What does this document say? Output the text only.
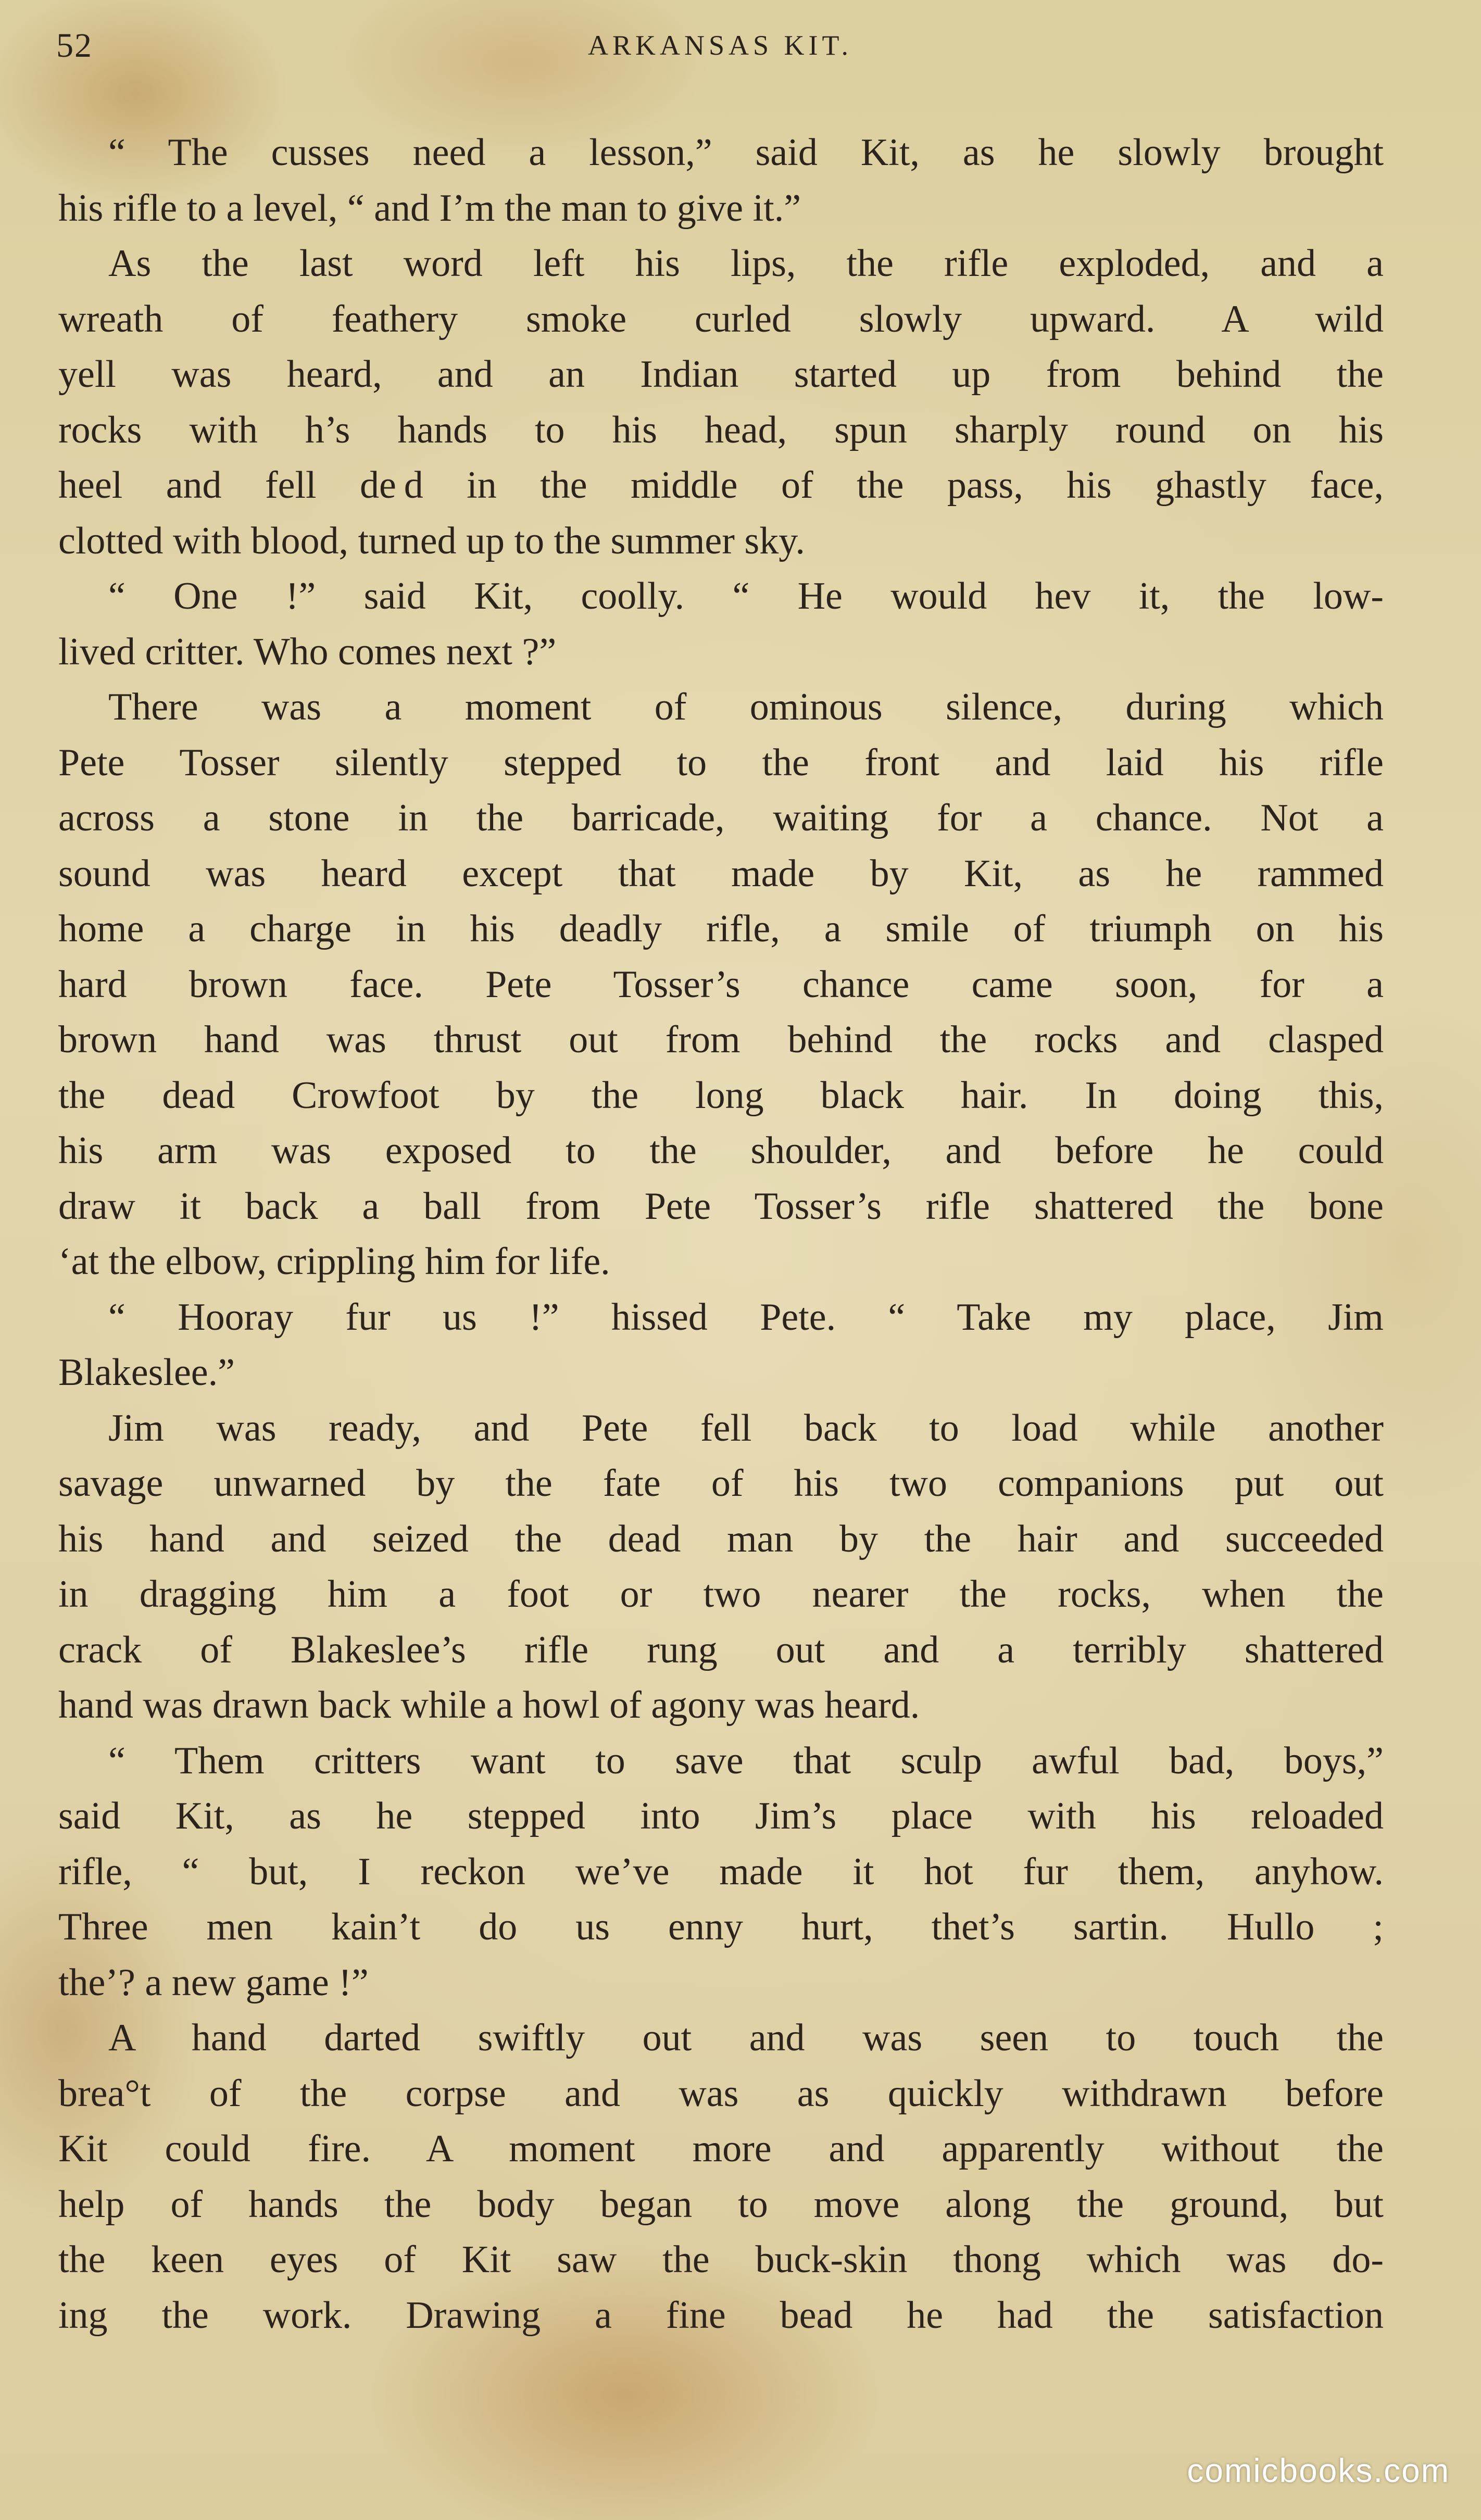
52	ARKANSAS KIT.
“ The cusses need a lesson,” said Kit, as he slowly brought
his rifle to a level, “ and I’m the man to give it.”
As the last word left his lips, the rifle exploded, and a
wreath of feathery smoke curled slowly upward. A wild
yell was heard, and an Indian started up from behind the
rocks with h’s hands to his head, spun sharply round on his
heel and fell de d in the middle of the pass, his ghastly face,
clotted with blood, turned up to the summer sky.
“ One !” said Kit, coolly. “ He would hev it, the low-
lived critter. Who comes next ?”
There was a moment of ominous silence, during which
Pete Tosser silently stepped to the front and laid his rifle
across a stone in the barricade, waiting for a chance. Not a
sound was heard except that made by Kit, as he rammed
home a charge in his deadly rifle, a smile of triumph on his
hard brown face. Pete Tosser’s chance came soon, for a
brown hand was thrust out from behind the rocks and clasped
the dead Crowfoot by the long black hair. In doing this,
his arm was exposed to the shoulder, and before he could
draw it back a ball from Pete Tosser’s rifle shattered the bone
ʻat the elbow, crippling him for life.
“ Hooray fur us !” hissed Pete. “ Take my place, Jim
Blakeslee.”
Jim was ready, and Pete fell back to load while another
savage unwarned by the fate of his two companions put out
his hand and seized the dead man by the hair and succeeded
in dragging him a foot or two nearer the rocks, when the
crack of Blakeslee’s rifle rung out and a terribly shattered
hand was drawn back while a howl of agony was heard.
“ Them critters want to save that sculp awful bad, boys,”
said Kit, as he stepped into Jim’s place with his reloaded
rifle, “ but, I reckon we’ve made it hot fur them, anyhow.
Three men kain’t do us enny hurt, thet’s sartin. Hullo ;
the’? a new game !”
A hand darted swiftly out and was seen to touch the
brea°t of the corpse and was as quickly withdrawn before
Kit could fire. A moment more and apparently without the
help of hands the body began to move along the ground, but
the keen eyes of Kit saw the buck-skin thong which was do-
ing the work. Drawing a fine bead he had the satisfaction
comicbooks.com
